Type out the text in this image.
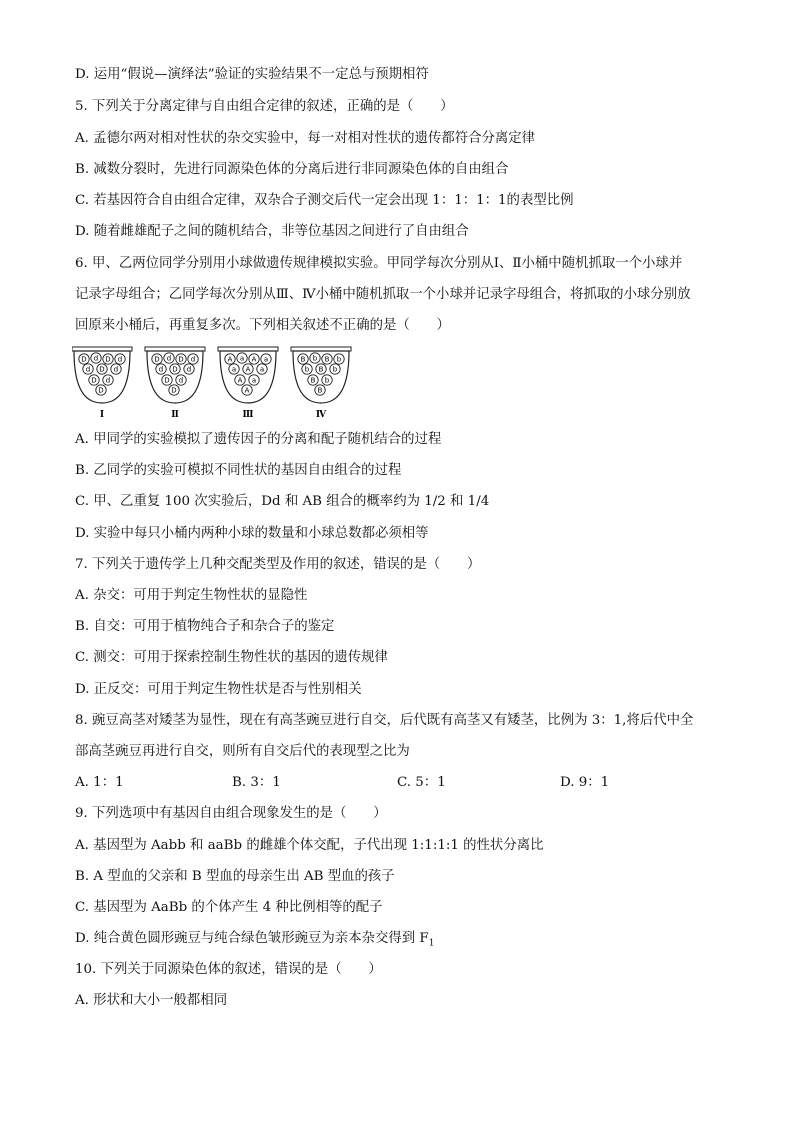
D. 运用“假说—演绎法”验证的实验结果不一定总与预期相符
5. 下列关于分离定律与自由组合定律的叙述，正确的是（　　）
A. 孟德尔两对相对性状的杂交实验中，每一对相对性状的遗传都符合分离定律
B. 减数分裂时，先进行同源染色体的分离后进行非同源染色体的自由组合
C. 若基因符合自由组合定律，双杂合子测交后代一定会出现 1：1：1：1的表型比例
D. 随着雌雄配子之间的随机结合，非等位基因之间进行了自由组合
6. 甲、乙两位同学分别用小球做遗传规律模拟实验。甲同学每次分别从Ⅰ、Ⅱ小桶中随机抓取一个小球并
记录字母组合；乙同学每次分别从Ⅲ、Ⅳ小桶中随机抓取一个小球并记录字母组合，将抓取的小球分别放
回原来小桶后，再重复多次。下列相关叙述不正确的是（　　）
A. 甲同学的实验模拟了遗传因子的分离和配子随机结合的过程
B. 乙同学的实验可模拟不同性状的基因自由组合的过程
C. 甲、乙重复 100 次实验后，Dd 和 AB 组合的概率约为 1/2 和 1/4
D. 实验中每只小桶内两种小球的数量和小球总数都必须相等
7. 下列关于遗传学上几种交配类型及作用的叙述，错误的是（　　）
A. 杂交：可用于判定生物性状的显隐性
B. 自交：可用于植物纯合子和杂合子的鉴定
C. 测交：可用于探索控制生物性状的基因的遗传规律
D. 正反交：可用于判定生物性状是否与性别相关
8. 豌豆高茎对矮茎为显性，现在有高茎豌豆进行自交，后代既有高茎又有矮茎，比例为 3：1,将后代中全
部高茎豌豆再进行自交，则所有自交后代的表现型之比为
9. 下列选项中有基因自由组合现象发生的是（　　）
A. 基因型为 Aabb 和 aaBb 的雌雄个体交配，子代出现 1:1:1:1 的性状分离比
B. A 型血的父亲和 B 型血的母亲生出 AB 型血的孩子
C. 基因型为 AaBb 的个体产生 4 种比例相等的配子
10. 下列关于同源染色体的叙述，错误的是（　　）
A. 形状和大小一般都相同
D d D d
d D d
D d
D
Ⅰ
D d D d
d D d
D d
D
Ⅱ
A a A a
a A a
A a
A
Ⅲ
B b B b
b B b
B b
B
Ⅳ
A. 1：1	B. 3：1	C. 5：1	D. 9：1
D. 纯合黄色圆形豌豆与纯合绿色皱形豌豆为亲本杂交得到 $F_1$
